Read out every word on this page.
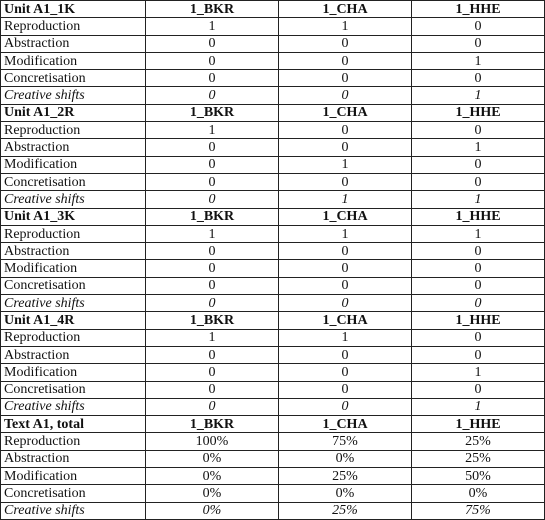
Unit A1_1K	1_BKR	1_CHA	1_HHE
Reproduction	1	1	0
Abstraction	0	0	0
Modification	0	0	1
Concretisation	0	0	0
Creative shifts	0	0	1
Unit A1_2R	1_BKR	1_CHA	1_HHE
Reproduction	1	0	0
Abstraction	0	0	1
Modification	0	1	0
Concretisation	0	0	0
Creative shifts	0	1	1
Unit A1_3K	1_BKR	1_CHA	1_HHE
Reproduction	1	1	1
Abstraction	0	0	0
Modification	0	0	0
Concretisation	0	0	0
Creative shifts	0	0	0
Unit A1_4R	1_BKR	1_CHA	1_HHE
Reproduction	1	1	0
Abstraction	0	0	0
Modification	0	0	1
Concretisation	0	0	0
Creative shifts	0	0	1
Text A1, total	1_BKR	1_CHA	1_HHE
Reproduction	100%	75%	25%
Abstraction	0%	0%	25%
Modification	0%	25%	50%
Concretisation	0%	0%	0%
Creative shifts	0%	25%	75%
